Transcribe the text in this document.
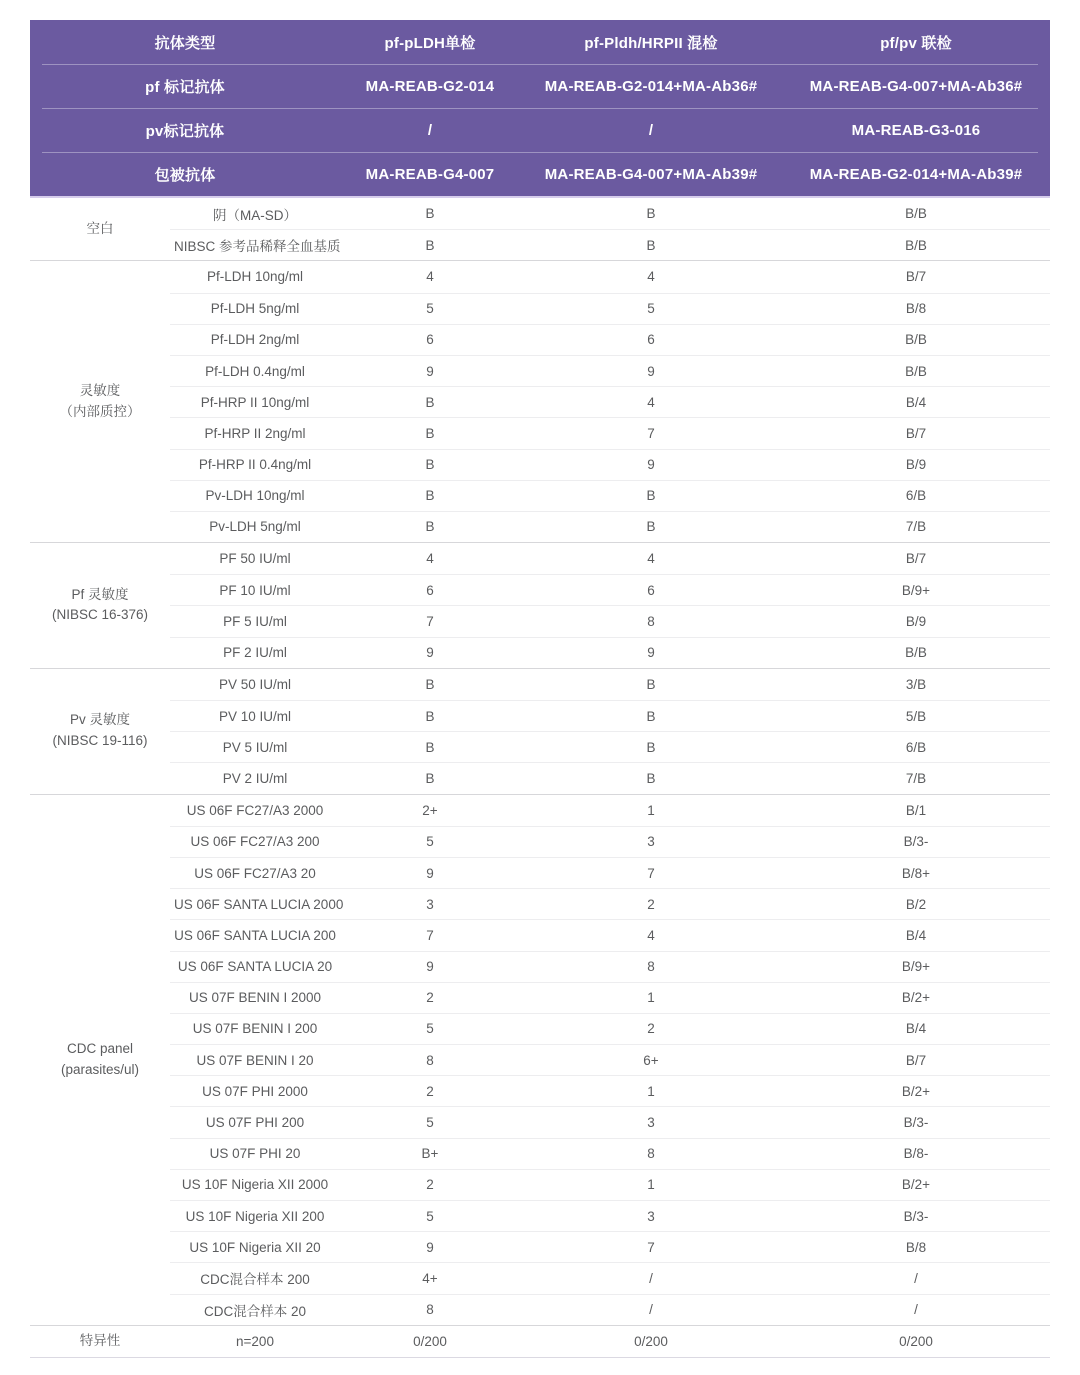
抗体类型	pf-pLDH单检	pf-Pldh/HRPII 混检	pf/pv 联检
pf 标记抗体	MA-REAB-G2-014	MA-REAB-G2-014+MA-Ab36#	MA-REAB-G4-007+MA-Ab36#
pv标记抗体	/	/	MA-REAB-G3-016
包被抗体	MA-REAB-G4-007	MA-REAB-G4-007+MA-Ab39#	MA-REAB-G2-014+MA-Ab39#
空白
阴（MA-SD）	B	B	B/B
NIBSC 参考品稀释全血基质	B	B	B/B
灵敏度
（内部质控）
Pf-LDH 10ng/ml	4	4	B/7
Pf-LDH 5ng/ml	5	5	B/8
Pf-LDH 2ng/ml	6	6	B/B
Pf-LDH 0.4ng/ml	9	9	B/B
Pf-HRP II 10ng/ml	B	4	B/4
Pf-HRP II 2ng/ml	B	7	B/7
Pf-HRP II 0.4ng/ml	B	9	B/9
Pv-LDH 10ng/ml	B	B	6/B
Pv-LDH 5ng/ml	B	B	7/B
Pf 灵敏度
(NIBSC 16-376)
PF 50 IU/ml	4	4	B/7
PF 10 IU/ml	6	6	B/9+
PF 5 IU/ml	7	8	B/9
PF 2 IU/ml	9	9	B/B
Pv 灵敏度
(NIBSC 19-116)
PV 50 IU/ml	B	B	3/B
PV 10 IU/ml	B	B	5/B
PV 5 IU/ml	B	B	6/B
PV 2 IU/ml	B	B	7/B
CDC panel
(parasites/ul)
US 06F FC27/A3 2000	2+	1	B/1
US 06F FC27/A3 200	5	3	B/3-
US 06F FC27/A3 20	9	7	B/8+
US 06F SANTA LUCIA 2000	3	2	B/2
US 06F SANTA LUCIA 200	7	4	B/4
US 06F SANTA LUCIA 20	9	8	B/9+
US 07F BENIN I 2000	2	1	B/2+
US 07F BENIN I 200	5	2	B/4
US 07F BENIN I 20	8	6+	B/7
US 07F PHI 2000	2	1	B/2+
US 07F PHI 200	5	3	B/3-
US 07F PHI 20	B+	8	B/8-
US 10F Nigeria XII 2000	2	1	B/2+
US 10F Nigeria XII 200	5	3	B/3-
US 10F Nigeria XII 20	9	7	B/8
CDC混合样本 200	4+	/	/
CDC混合样本 20	8	/	/
特异性	n=200	0/200	0/200	0/200
